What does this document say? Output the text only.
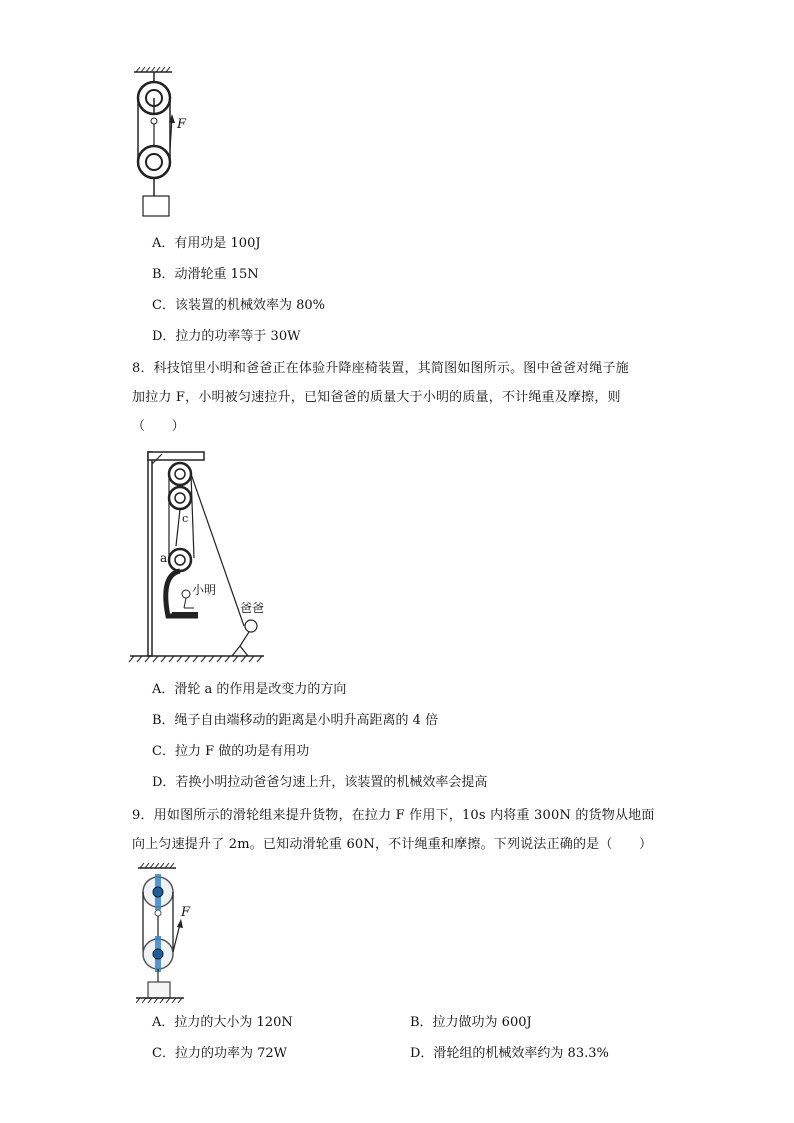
F
A．有用功是 100J
B．动滑轮重 15N
C．该装置的机械效率为 80%
D．拉力的功率等于 30W
8．科技馆里小明和爸爸正在体验升降座椅装置，其简图如图所示。图中爸爸对绳子施
加拉力 F，小明被匀速拉升，已知爸爸的质量大于小明的质量，不计绳重及摩擦，则
（　　）
a
c
小明
爸爸
A．滑轮 a 的作用是改变力的方向
B．绳子自由端移动的距离是小明升高距离的 4 倍
C．拉力 F 做的功是有用功
D．若换小明拉动爸爸匀速上升，该装置的机械效率会提高
9．用如图所示的滑轮组来提升货物，在拉力 F 作用下，10s 内将重 300N 的货物从地面
向上匀速提升了 2m。已知动滑轮重 60N，不计绳重和摩擦。下列说法正确的是（　　）
F
A．拉力的大小为 120N	B．拉力做功为 600J
C．拉力的功率为 72W	D．滑轮组的机械效率约为 83.3%
